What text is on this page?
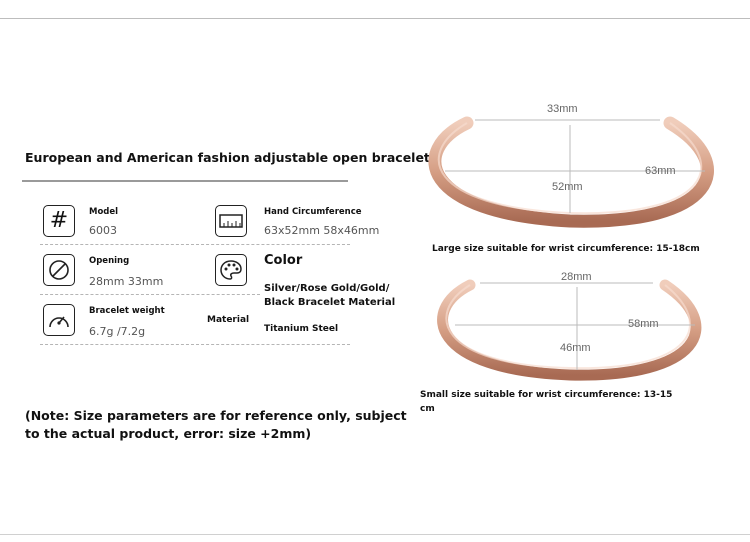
European and American fashion adjustable open bracelet
# Model
6003
Hand Circumference
63x52mm 58x46mm
Opening
28mm 33mm
Color
Silver/Rose Gold/Gold/
Black Bracelet Material
Bracelet weight
6.7g /7.2g
Material
Titanium Steel
(Note: Size parameters are for reference only, subject
to the actual product, error: size +2mm)
33mm
52mm
63mm
Large size suitable for wrist circumference: 15-18cm
28mm
46mm
58mm
Small size suitable for wrist circumference: 13-15
cm
